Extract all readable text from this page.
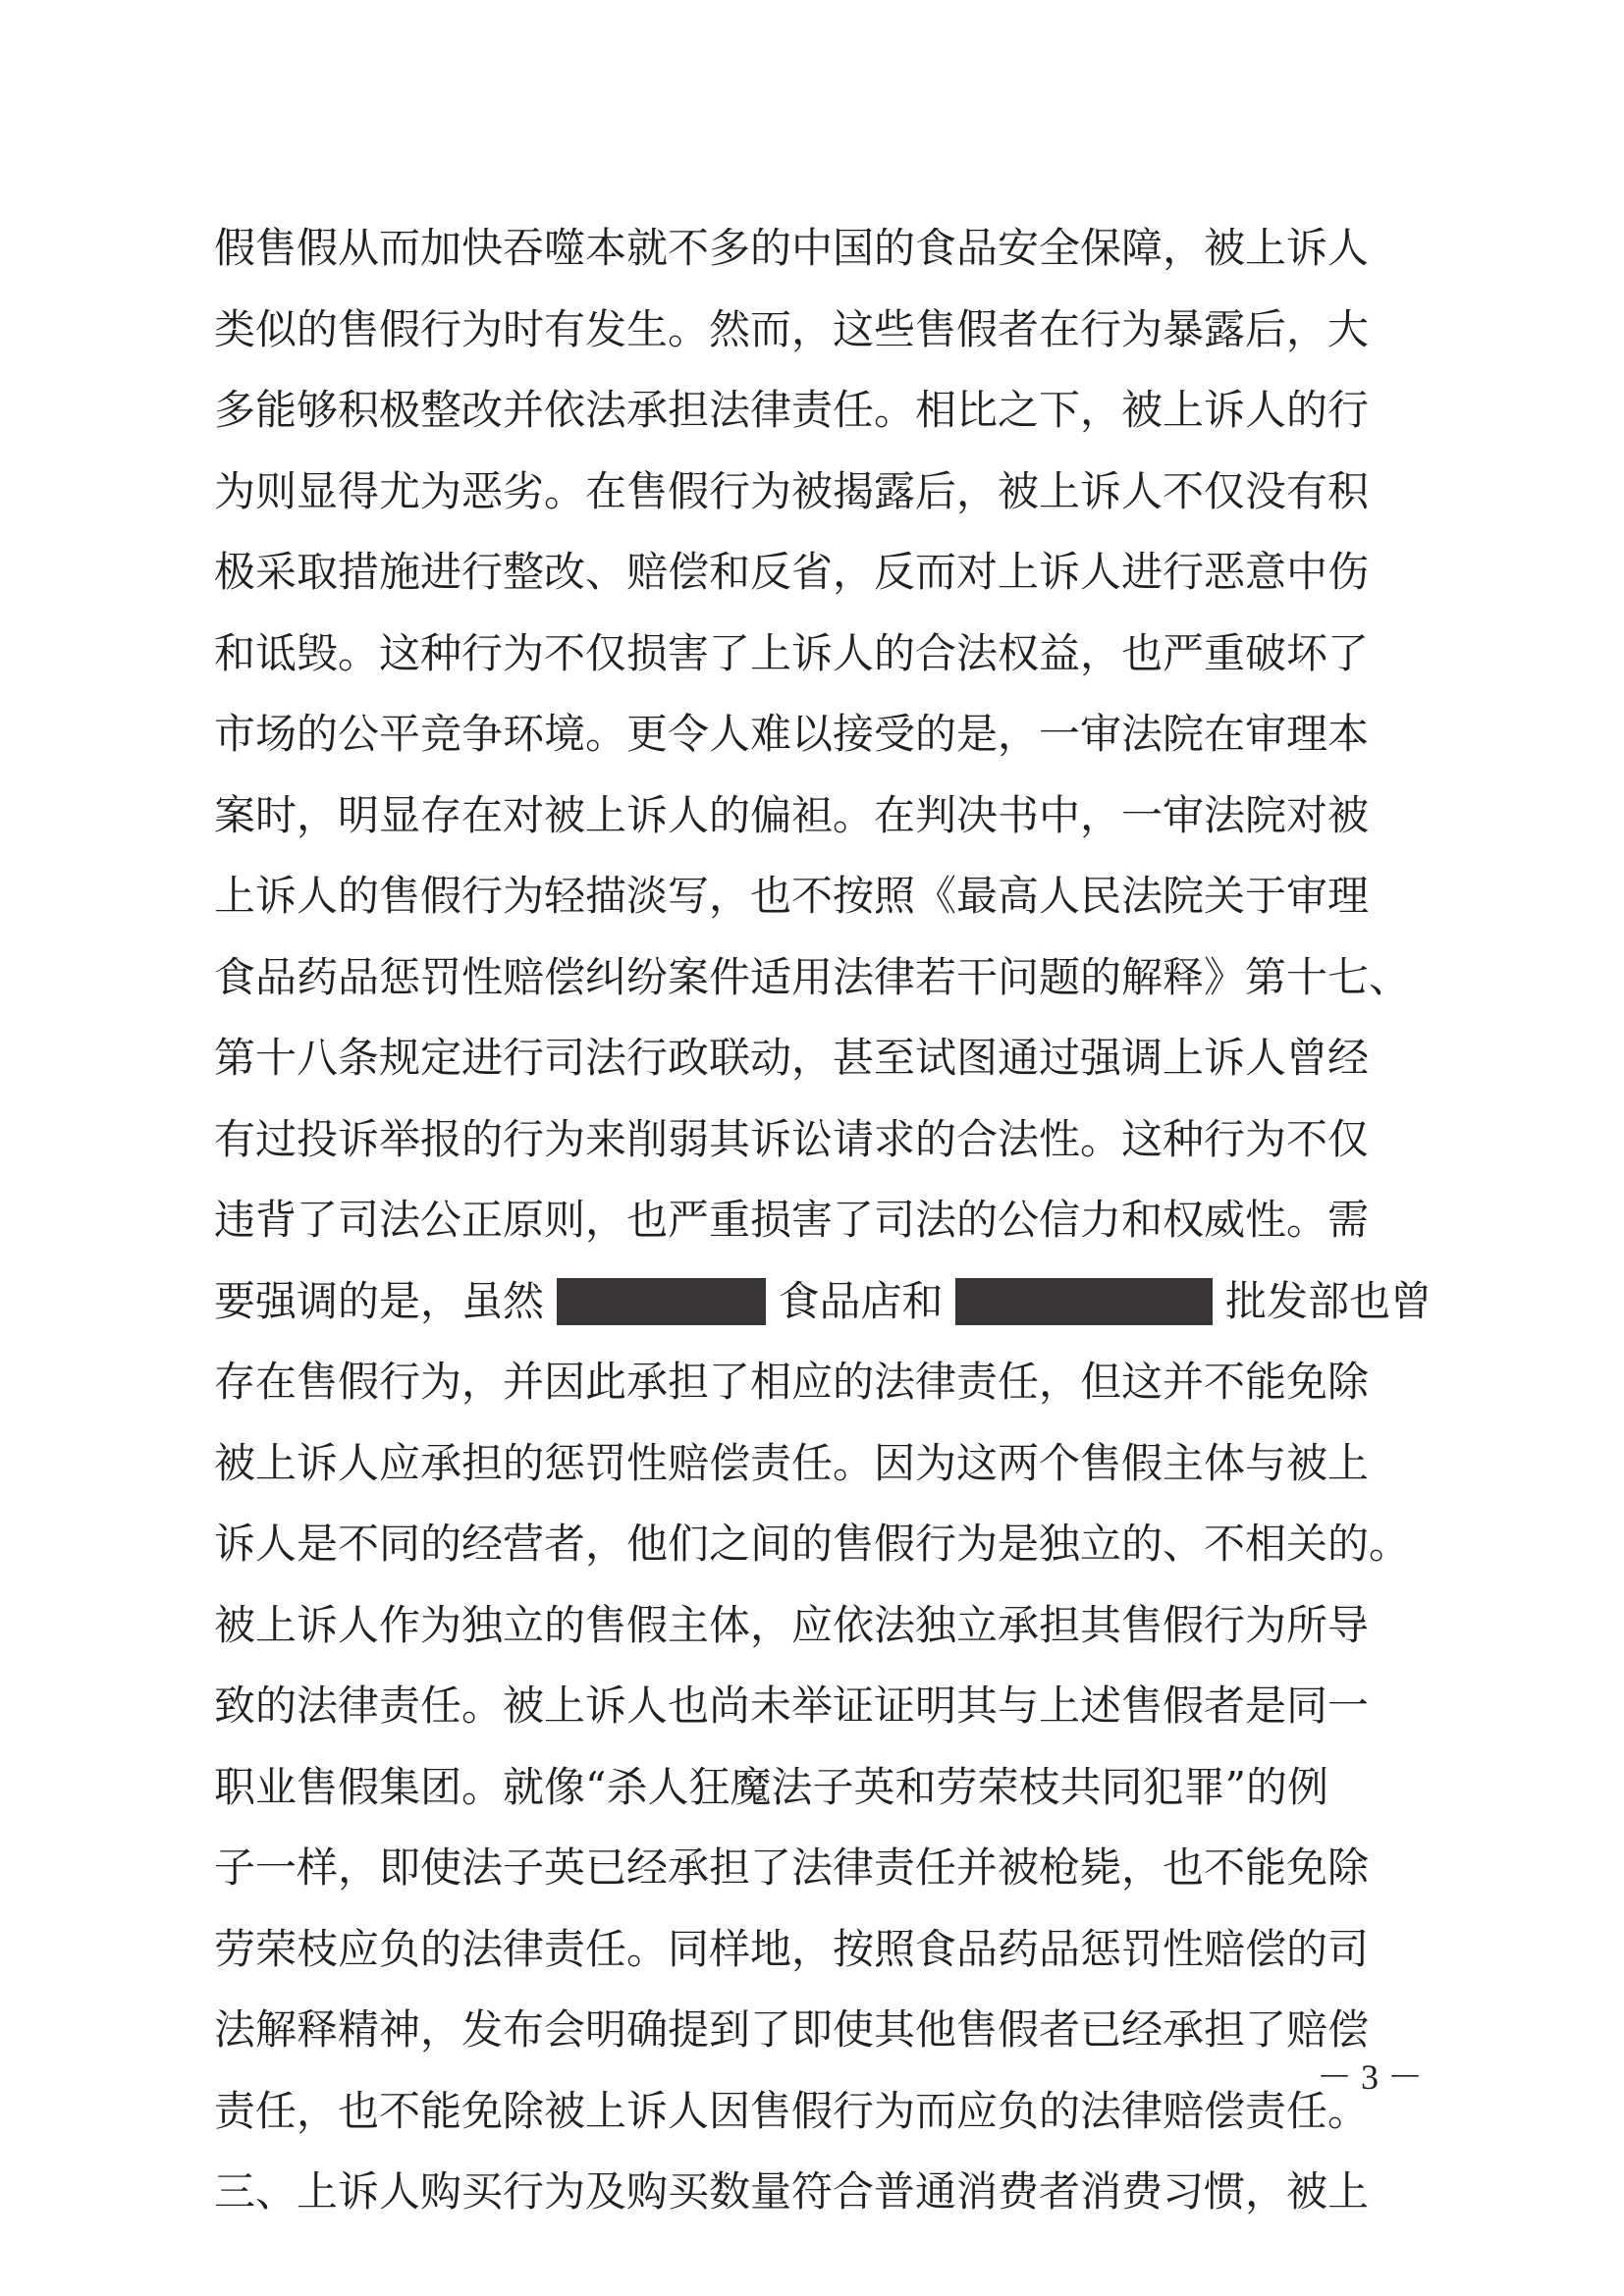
假售假从而加快吞噬本就不多的中国的食品安全保障，被上诉人
类似的售假行为时有发生。然而，这些售假者在行为暴露后，大
多能够积极整改并依法承担法律责任。相比之下，被上诉人的行
为则显得尤为恶劣。在售假行为被揭露后，被上诉人不仅没有积
极采取措施进行整改、赔偿和反省，反而对上诉人进行恶意中伤
和诋毁。这种行为不仅损害了上诉人的合法权益，也严重破坏了
市场的公平竞争环境。更令人难以接受的是，一审法院在审理本
案时，明显存在对被上诉人的偏袒。在判决书中，一审法院对被
上诉人的售假行为轻描淡写，也不按照《最高人民法院关于审理
食品药品惩罚性赔偿纠纷案件适用法律若干问题的解释》第十七、
第十八条规定进行司法行政联动，甚至试图通过强调上诉人曾经
有过投诉举报的行为来削弱其诉讼请求的合法性。这种行为不仅
违背了司法公正原则，也严重损害了司法的公信力和权威性。需
要强调的是，虽然	食品店和	批发部也曾
存在售假行为，并因此承担了相应的法律责任，但这并不能免除
被上诉人应承担的惩罚性赔偿责任。因为这两个售假主体与被上
诉人是不同的经营者，他们之间的售假行为是独立的、不相关的。
被上诉人作为独立的售假主体，应依法独立承担其售假行为所导
致的法律责任。被上诉人也尚未举证证明其与上述售假者是同一
职业售假集团。就像“杀人狂魔法子英和劳荣枝共同犯罪”的例
子一样，即使法子英已经承担了法律责任并被枪毙，也不能免除
劳荣枝应负的法律责任。同样地，按照食品药品惩罚性赔偿的司
法解释精神，发布会明确提到了即使其他售假者已经承担了赔偿
责任，也不能免除被上诉人因售假行为而应负的法律赔偿责任。
三、上诉人购买行为及购买数量符合普通消费者消费习惯，被上
－ 3 －
